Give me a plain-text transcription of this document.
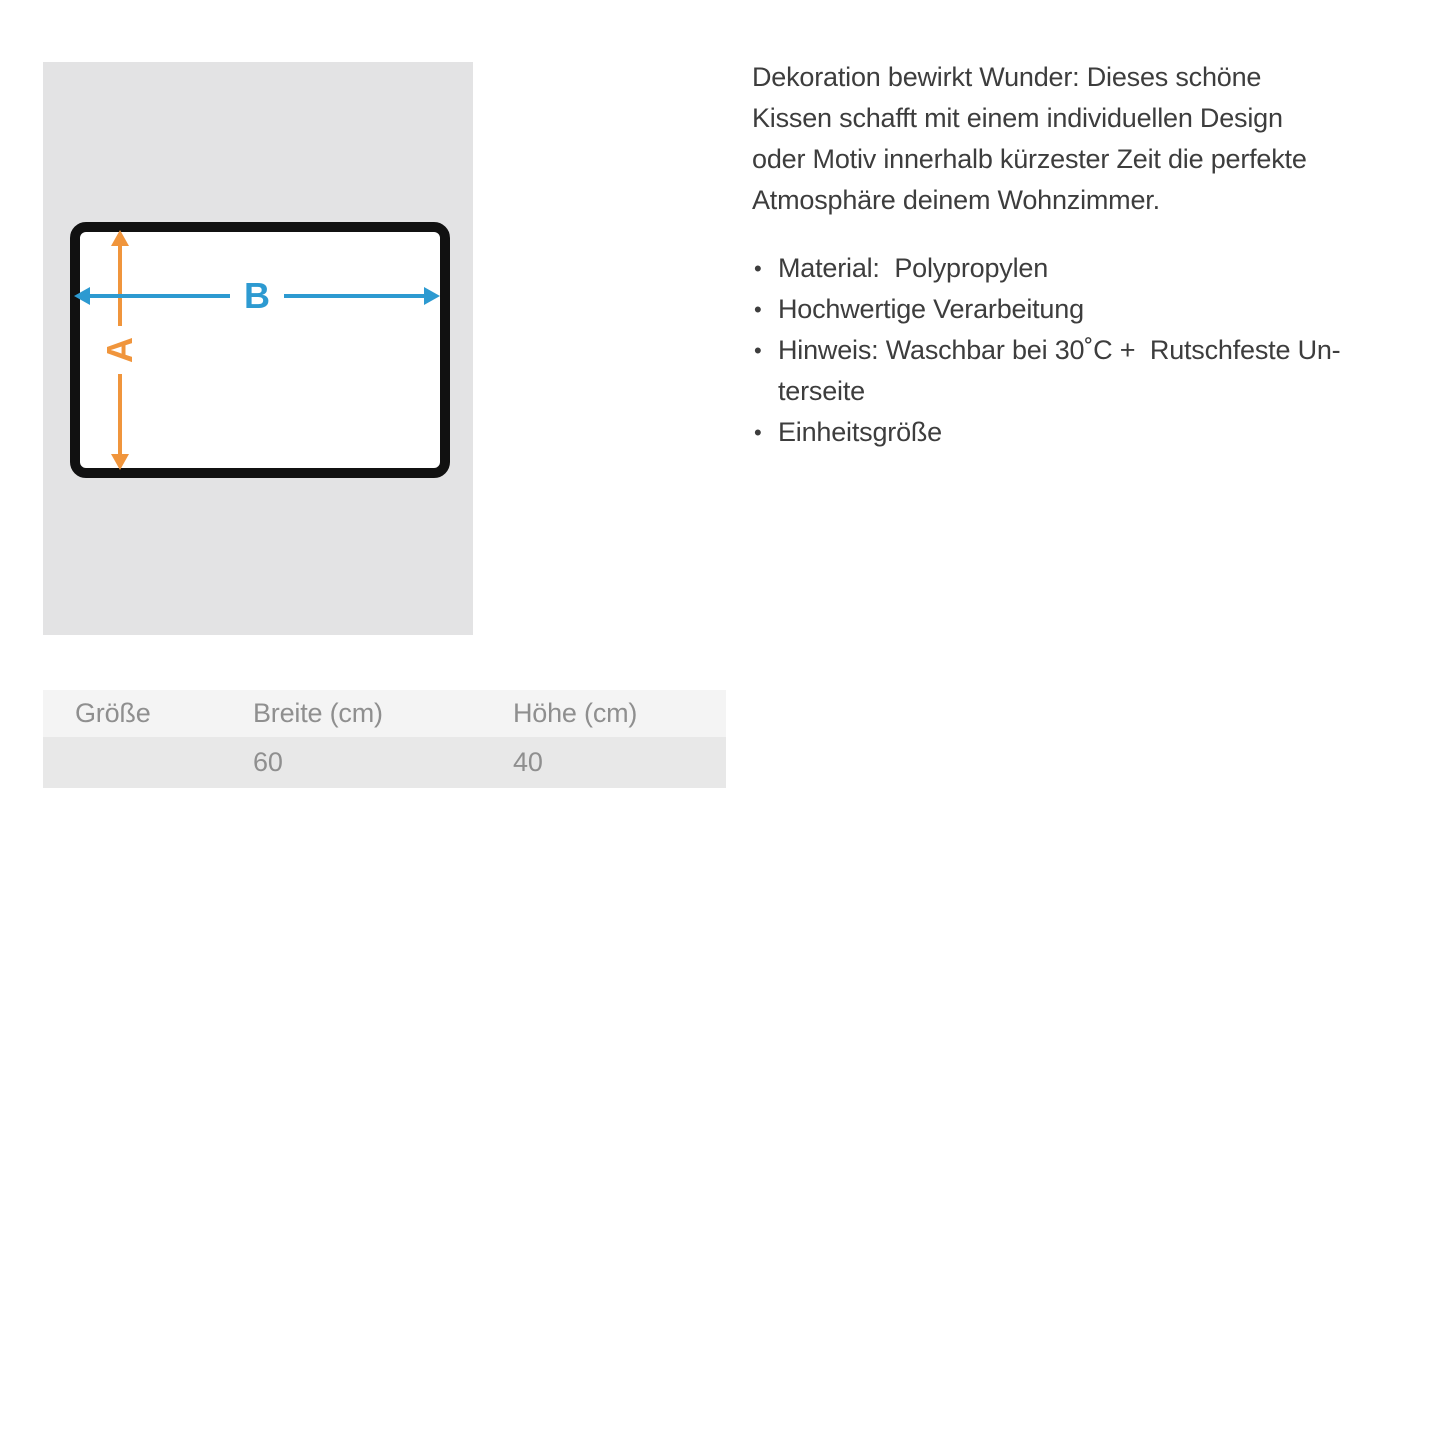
A
B
Dekoration bewirkt Wunder: Dieses schöne
Kissen schafft mit einem individuellen Design
oder Motiv innerhalb kürzester Zeit die perfekte
Atmosphäre deinem Wohnzimmer.
• Material:  Polypropylen
• Hochwertige Verarbeitung
• Hinweis: Waschbar bei 30˚C +  Rutschfeste Un-
terseite
• Einheitsgröße
Größe	Breite (cm)	Höhe (cm)
	60	40
